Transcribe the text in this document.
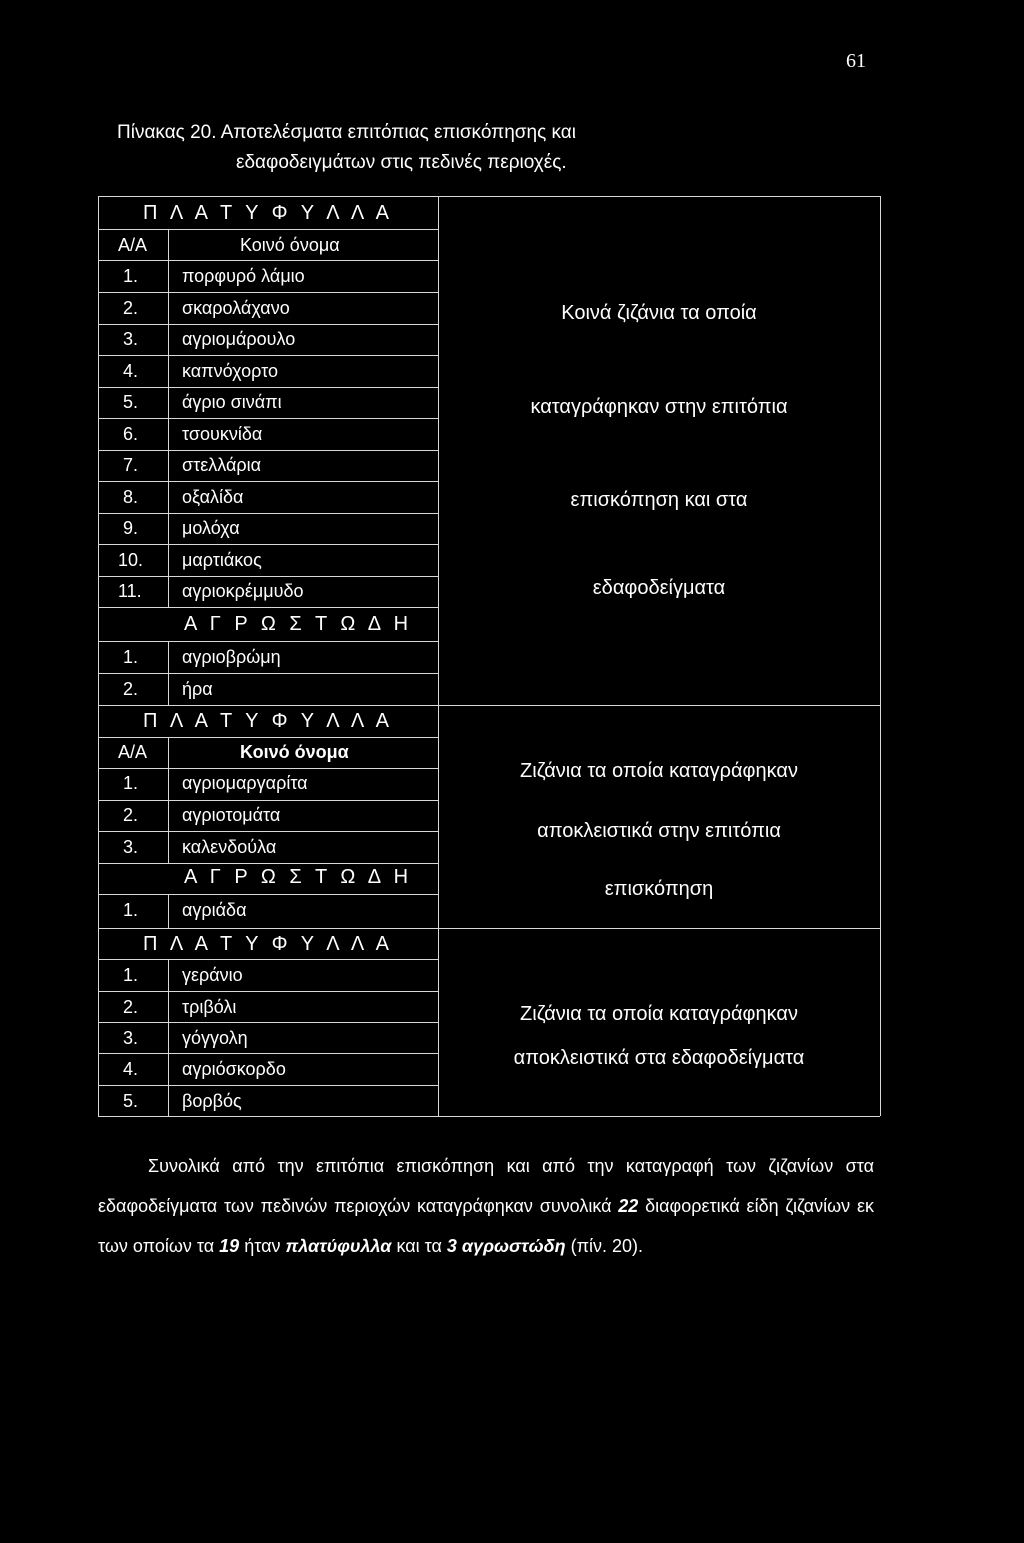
61
Πίνακας 20. Αποτελέσματα επιτόπιας επισκόπησης και
εδαφοδειγμάτων στις πεδινές περιοχές.
Π Λ Α Τ Υ Φ Υ Λ Λ Α
Α/Α	Κοινό όνομα
1. πορφυρό λάμιο
2. σκαρολάχανο
3. αγριομάρουλο
4. καπνόχορτο
5. άγριο σινάπι
6. τσουκνίδα
7. στελλάρια
8. οξαλίδα
9. μολόχα
10. μαρτιάκος
11. αγριοκρέμμυδο
Α Γ Ρ Ω Σ Τ Ω Δ Η
1. αγριοβρώμη
2. ήρα
Κοινά ζιζάνια τα οποία
καταγράφηκαν στην επιτόπια
επισκόπηση και στα
εδαφοδείγματα
Π Λ Α Τ Υ Φ Υ Λ Λ Α
Α/Α	Κοινό όνομα
1. αγριομαργαρίτα
2. αγριοτομάτα
3. καλενδούλα
Α Γ Ρ Ω Σ Τ Ω Δ Η
1. αγριάδα
Ζιζάνια τα οποία καταγράφηκαν
αποκλειστικά στην επιτόπια
επισκόπηση
Π Λ Α Τ Υ Φ Υ Λ Λ Α
1. γεράνιο
2. τριβόλι
3. γόγγολη
4. αγριόσκορδο
5. βορβός
Ζιζάνια τα οποία καταγράφηκαν
αποκλειστικά στα εδαφοδείγματα

Συνολικά από την επιτόπια επισκόπηση και από την καταγραφή των ζιζανίων στα εδαφοδείγματα των πεδινών περιοχών καταγράφηκαν συνολικά 22 διαφορετικά είδη ζιζανίων εκ των οποίων τα 19 ήταν πλατύφυλλα και τα 3 αγρωστώδη (πίν. 20).
